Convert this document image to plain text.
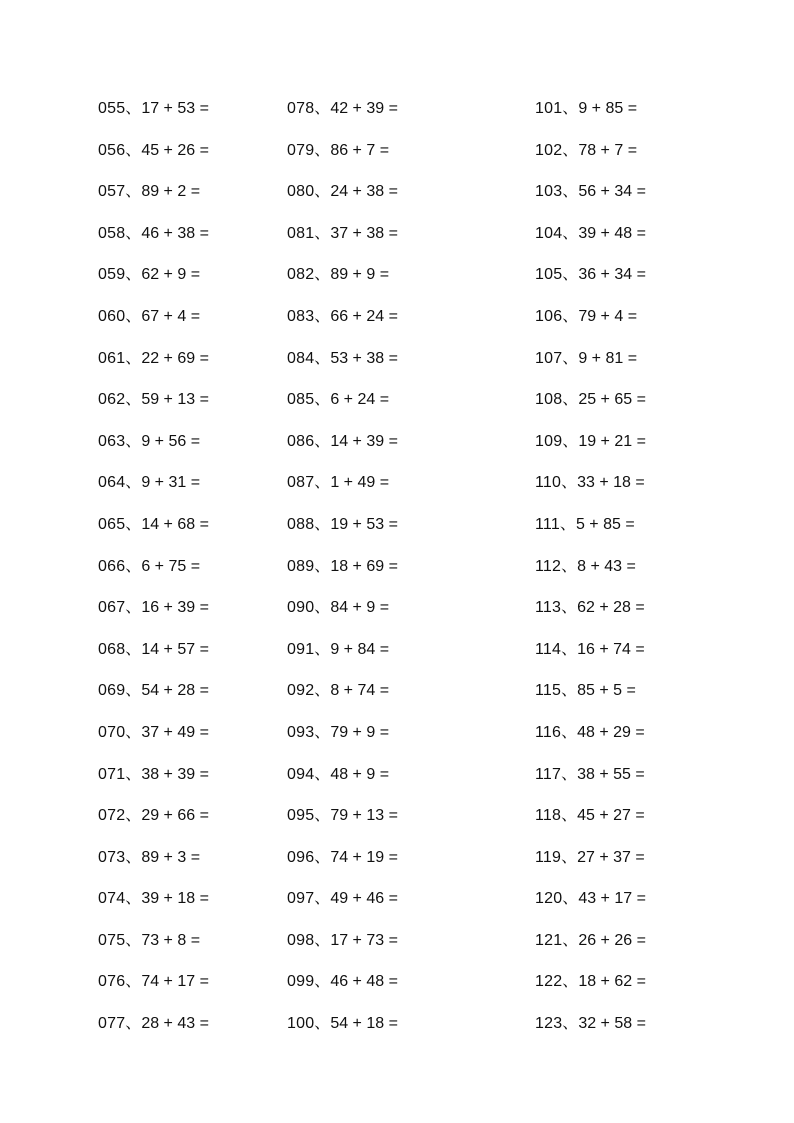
055、17 + 53 =
056、45 + 26 =
057、89 + 2 =
058、46 + 38 =
059、62 + 9 =
060、67 + 4 =
061、22 + 69 =
062、59 + 13 =
063、9 + 56 =
064、9 + 31 =
065、14 + 68 =
066、6 + 75 =
067、16 + 39 =
068、14 + 57 =
069、54 + 28 =
070、37 + 49 =
071、38 + 39 =
072、29 + 66 =
073、89 + 3 =
074、39 + 18 =
075、73 + 8 =
076、74 + 17 =
077、28 + 43 =
078、42 + 39 =
079、86 + 7 =
080、24 + 38 =
081、37 + 38 =
082、89 + 9 =
083、66 + 24 =
084、53 + 38 =
085、6 + 24 =
086、14 + 39 =
087、1 + 49 =
088、19 + 53 =
089、18 + 69 =
090、84 + 9 =
091、9 + 84 =
092、8 + 74 =
093、79 + 9 =
094、48 + 9 =
095、79 + 13 =
096、74 + 19 =
097、49 + 46 =
098、17 + 73 =
099、46 + 48 =
100、54 + 18 =
101、9 + 85 =
102、78 + 7 =
103、56 + 34 =
104、39 + 48 =
105、36 + 34 =
106、79 + 4 =
107、9 + 81 =
108、25 + 65 =
109、19 + 21 =
110、33 + 18 =
111、5 + 85 =
112、8 + 43 =
113、62 + 28 =
114、16 + 74 =
115、85 + 5 =
116、48 + 29 =
117、38 + 55 =
118、45 + 27 =
119、27 + 37 =
120、43 + 17 =
121、26 + 26 =
122、18 + 62 =
123、32 + 58 =
